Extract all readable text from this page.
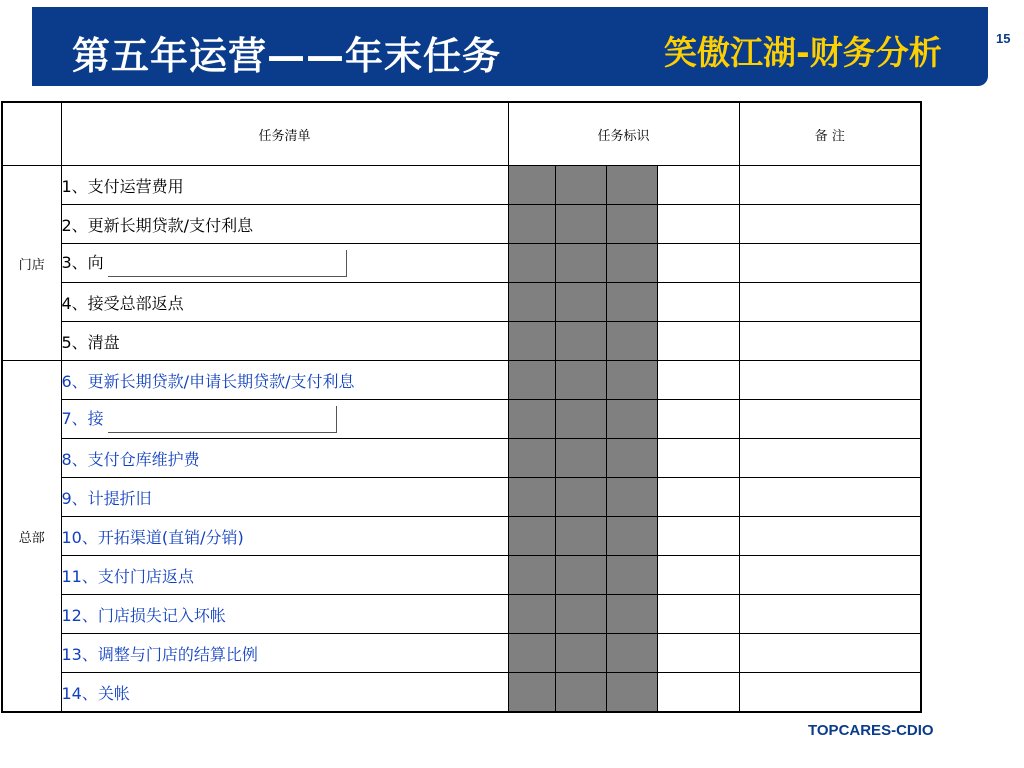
第五年运营——年末任务	笑傲江湖-财务分析	15
	任务清单	任务标识				备 注
门店	1、支付运营费用					
	2、更新长期贷款/支付利息					
	3、向					
	4、接受总部返点					
	5、清盘					
总部	6、更新长期贷款/申请长期贷款/支付利息					
	7、接					
	8、支付仓库维护费					
	9、计提折旧					
	10、开拓渠道(直销/分销)					
	11、支付门店返点					
	12、门店损失记入坏帐					
	13、调整与门店的结算比例					
	14、关帐					
TOPCARES-CDIO
